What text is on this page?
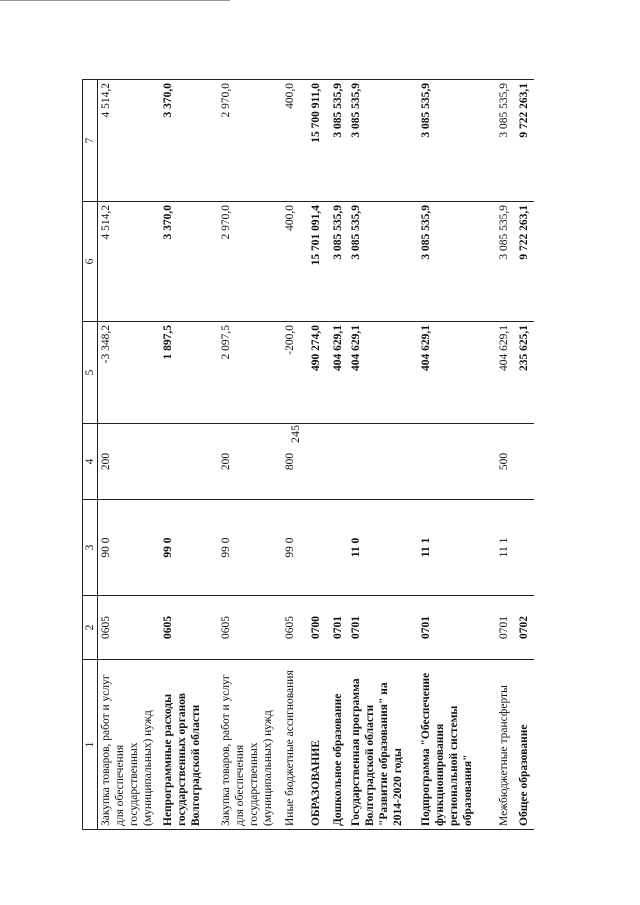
245
1	2	3	4	5	6	7
Закупка товаров, работ и услуг для обеспечения государственных (муниципальных) нужд	0605	90 0	200	-3 348,2	4 514,2	4 514,2
Непрограммные расходы государственных органов Волгоградской области	0605	99 0		1 897,5	3 370,0	3 370,0
Закупка товаров, работ и услуг для обеспечения государственных (муниципальных) нужд	0605	99 0	200	2 097,5	2 970,0	2 970,0
Иные бюджетные ассигнования	0605	99 0	800	-200,0	400,0	400,0
ОБРАЗОВАНИЕ	0700			490 274,0	15 701 091,4	15 700 911,0
Дошкольное образование	0701			404 629,1	3 085 535,9	3 085 535,9
Государственная программа Волгоградской области "Развитие образования" на 2014-2020 годы	0701	11 0		404 629,1	3 085 535,9	3 085 535,9
Подпрограмма "Обеспечение функционирования региональной системы образования"	0701	11 1		404 629,1	3 085 535,9	3 085 535,9
Межбюджетные трансферты	0701	11 1	500	404 629,1	3 085 535,9	3 085 535,9
Общее образование	0702			235 625,1	9 722 263,1	9 722 263,1
